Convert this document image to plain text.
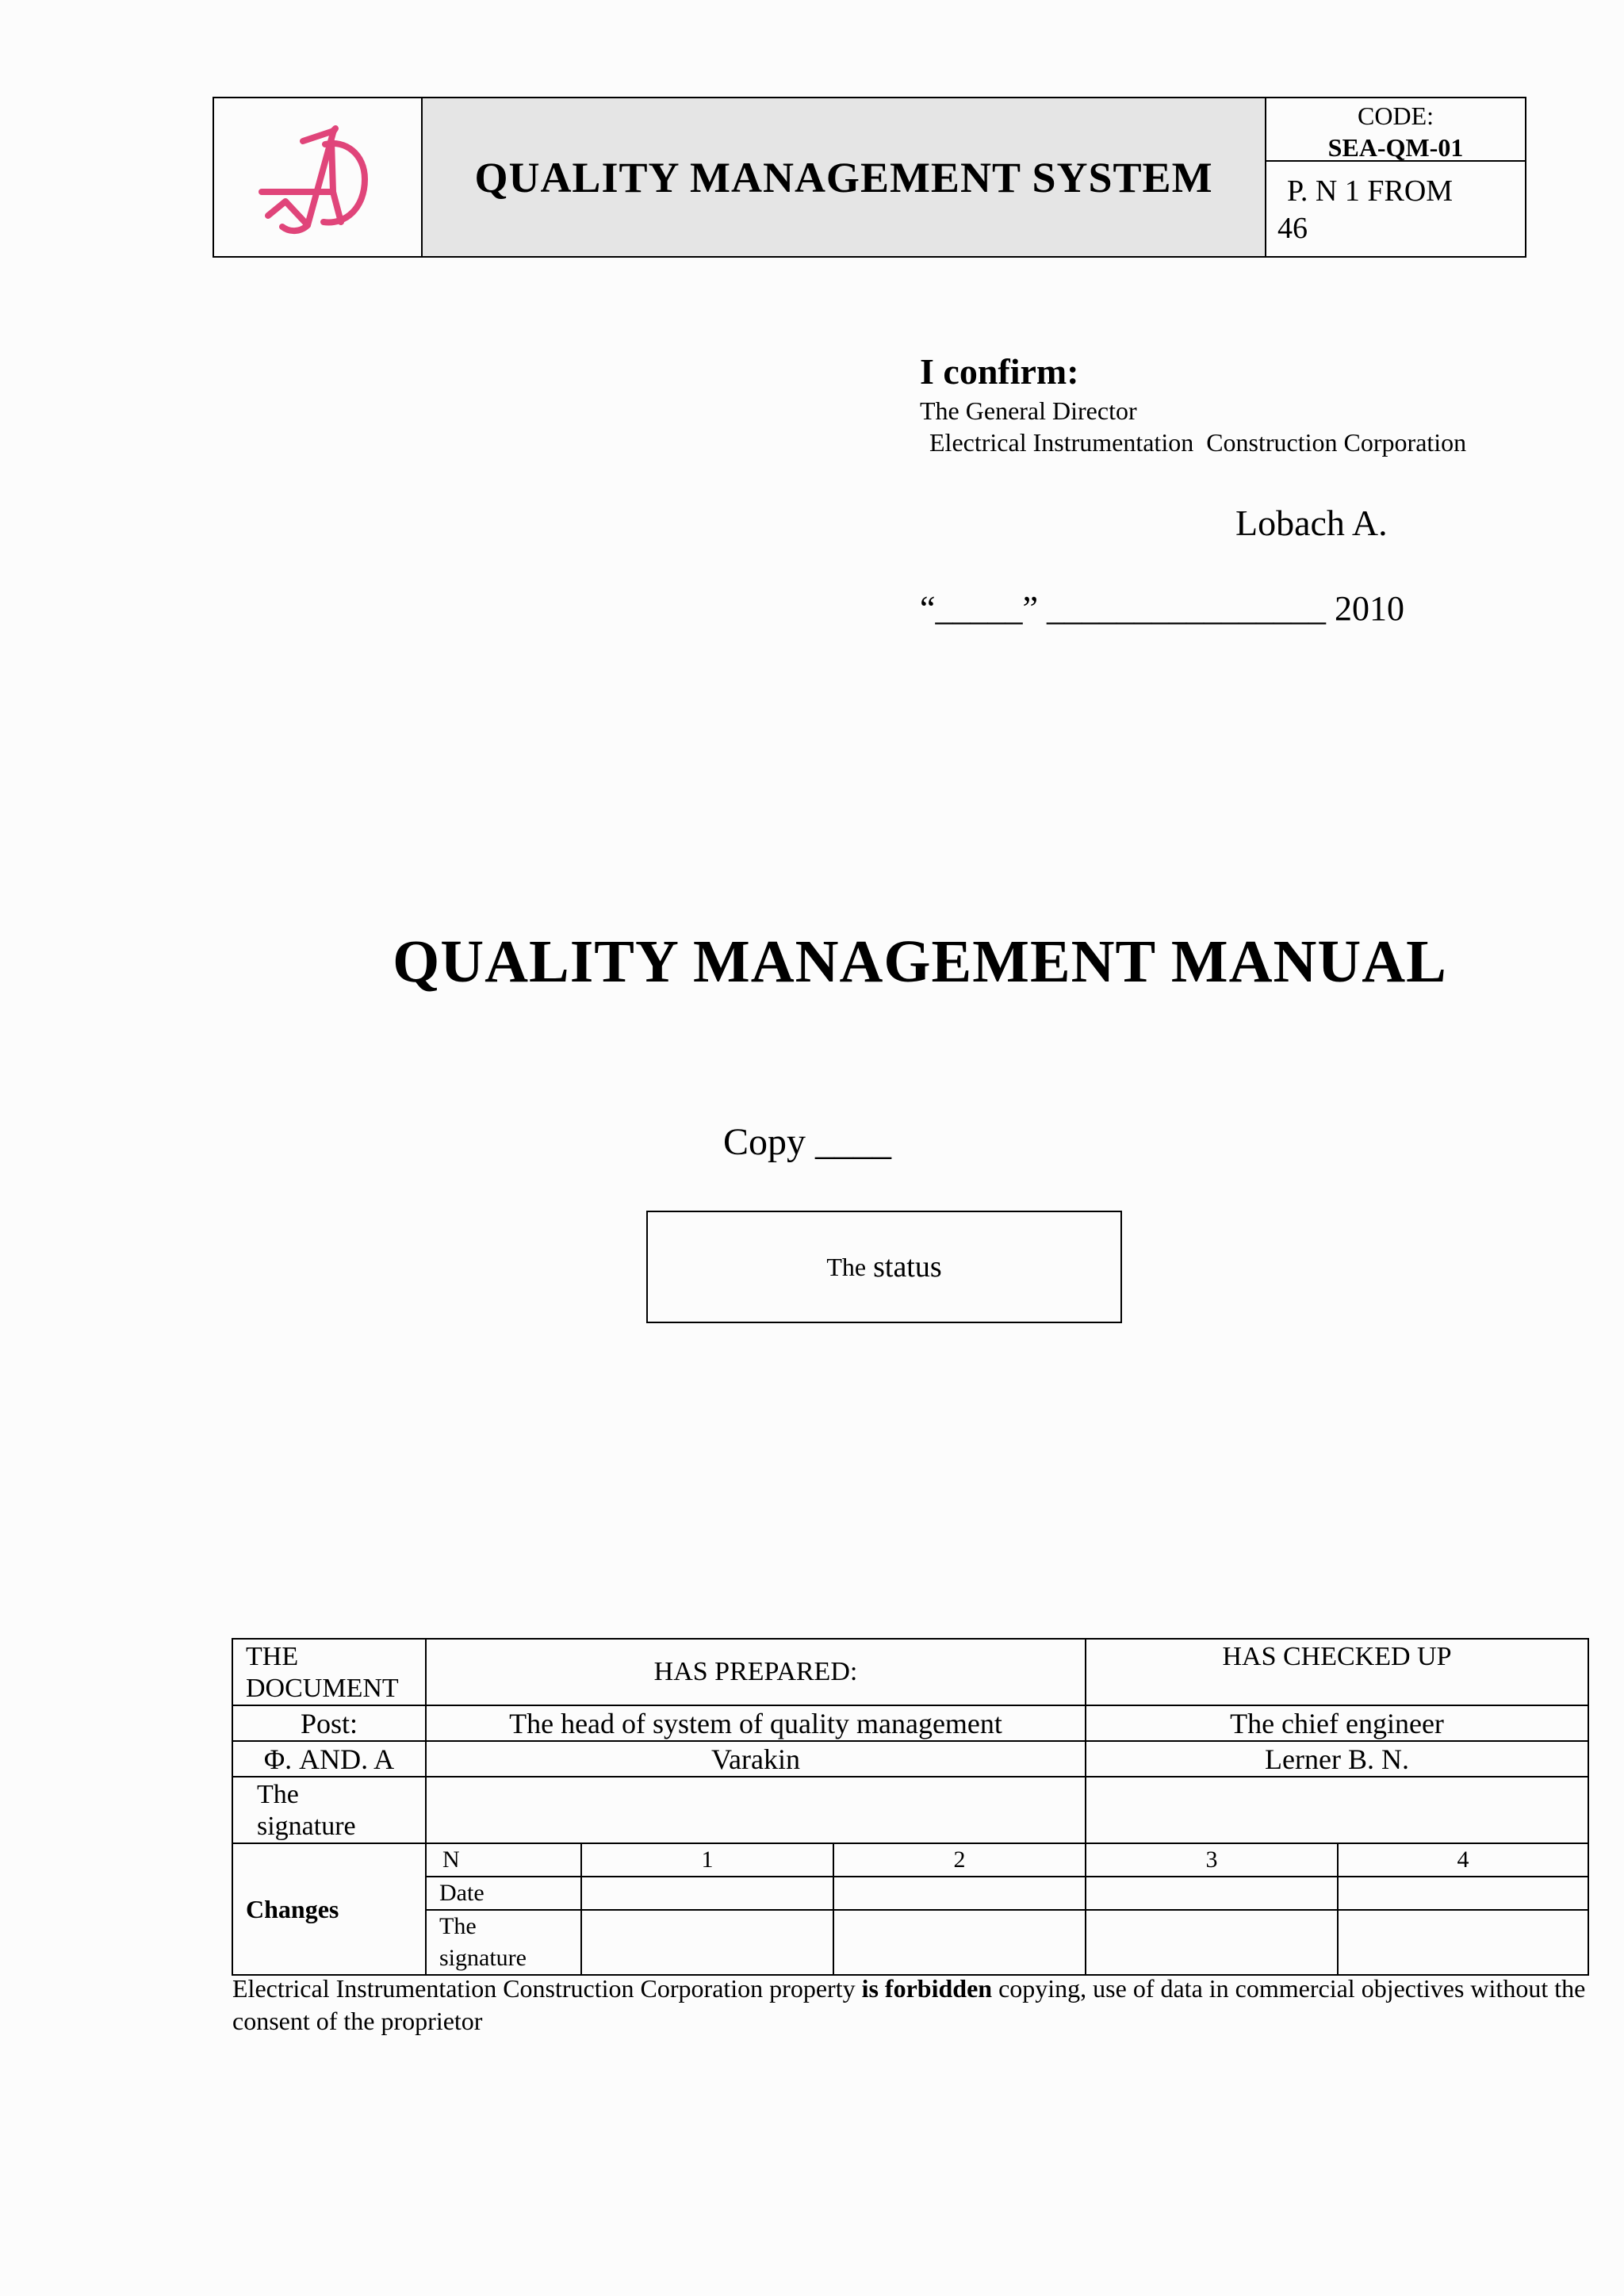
QUALITY MANAGEMENT SYSTEM
CODE:
SEA-QM-01
P. N 1 FROM
46
I confirm:
The General Director
Electrical Instrumentation  Construction Corporation
Lobach A.
“_____” ________________ 2010
QUALITY MANAGEMENT MANUAL
Copy ____
The status
THE DOCUMENT	HAS PREPARED:			HAS CHECKED UP	
Post:	The head of system of quality management			The chief engineer	
Φ. AND. A	Varakin			Lerner B. N.	

The signature					

Changes	N	1	2	3	4
	Date				

	The signature				

Electrical Instrumentation Construction Corporation property is forbidden copying, use of data in commercial objectives without the consent of the proprietor
